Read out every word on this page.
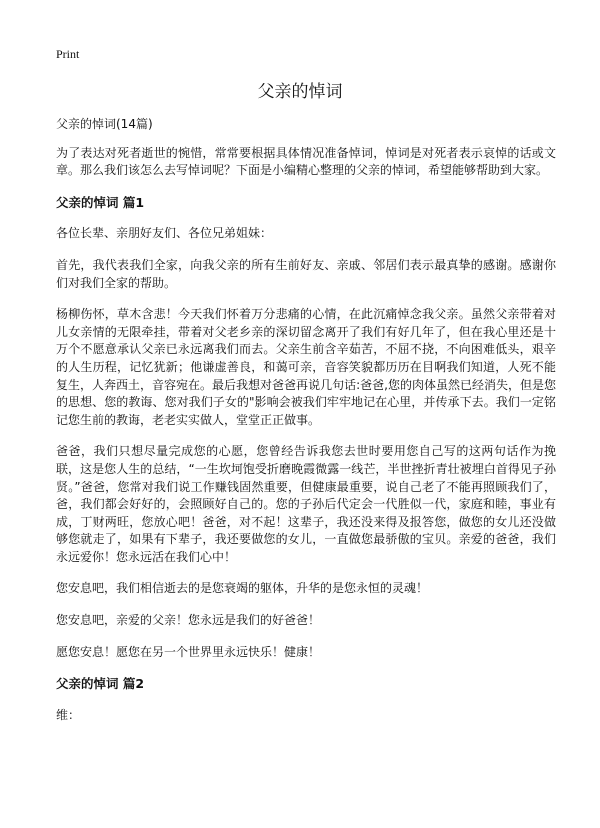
Print
父亲的悼词

父亲的悼词(14篇)

为了表达对死者逝世的惋惜，常常要根据具体情况准备悼词，悼词是对死者表示哀悼的话或文章。那么我们该怎么去写悼词呢？下面是小编精心整理的父亲的悼词，希望能够帮助到大家。

父亲的悼词 篇1

各位长辈、亲朋好友们、各位兄弟姐妹：

首先，我代表我们全家，向我父亲的所有生前好友、亲戚、邻居们表示最真挚的感谢。感谢你们对我们全家的帮助。

杨柳伤怀，草木含悲！今天我们怀着万分悲痛的心情，在此沉痛悼念我父亲。虽然父亲带着对儿女亲情的无限牵挂，带着对父老乡亲的深切留念离开了我们有好几年了，但在我心里还是十万个不愿意承认父亲已永远离我们而去。父亲生前含辛茹苦，不屈不挠，不向困难低头，艰辛的人生历程，记忆犹新；他谦虚善良，和蔼可亲，音容笑貌都历历在目啊我们知道，人死不能复生，人奔西土，音容宛在。最后我想对爸爸再说几句话:爸爸,您的肉体虽然已经消失，但是您的思想、您的教诲、您对我们子女的"影响会被我们牢牢地记在心里，并传承下去。我们一定铭记您生前的教诲，老老实实做人，堂堂正正做事。

爸爸，我们只想尽量完成您的心愿，您曾经告诉我您去世时要用您自己写的这两句话作为挽联，这是您人生的总结，“一生坎坷饱受折磨晚霞微露一线芒，半世挫折青壮被埋白首得见子孙贤。”爸爸，您常对我们说工作赚钱固然重要，但健康最重要，说自己老了不能再照顾我们了，爸，我们都会好好的，会照顾好自己的。您的子孙后代定会一代胜似一代，家庭和睦，事业有成，丁财两旺，您放心吧！爸爸，对不起！这辈子，我还没来得及报答您，做您的女儿还没做够您就走了，如果有下辈子，我还要做您的女儿，一直做您最骄傲的宝贝。亲爱的爸爸，我们永远爱你！您永远活在我们心中！

您安息吧，我们相信逝去的是您衰竭的躯体，升华的是您永恒的灵魂！

您安息吧，亲爱的父亲！您永远是我们的好爸爸！

愿您安息！愿您在另一个世界里永远快乐！健康！

父亲的悼词 篇2

维：
